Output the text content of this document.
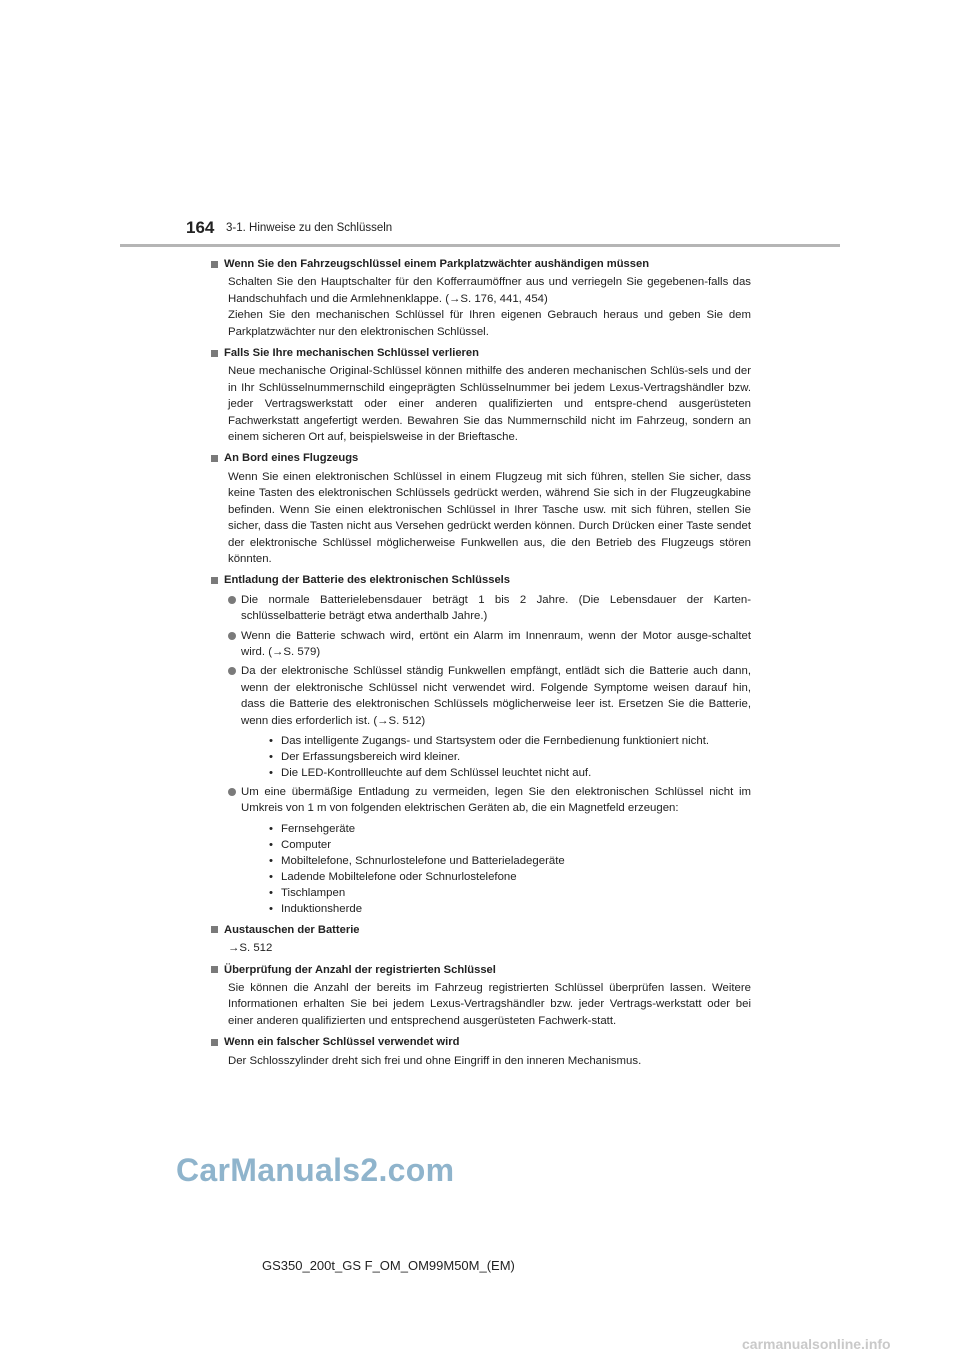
164 3-1. Hinweise zu den Schlüsseln
Wenn Sie den Fahrzeugschlüssel einem Parkplatzwächter aushändigen müssen

Schalten Sie den Hauptschalter für den Kofferraumöffner aus und verriegeln Sie gegebenen-falls das Handschuhfach und die Armlehnenklappe. (→S. 176, 441, 454)

Ziehen Sie den mechanischen Schlüssel für Ihren eigenen Gebrauch heraus und geben Sie dem Parkplatzwächter nur den elektronischen Schlüssel.

Falls Sie Ihre mechanischen Schlüssel verlieren

Neue mechanische Original-Schlüssel können mithilfe des anderen mechanischen Schlüs-sels und der in Ihr Schlüsselnummernschild eingeprägten Schlüsselnummer bei jedem Lexus-Vertragshändler bzw. jeder Vertragswerkstatt oder einer anderen qualifizierten und entspre-chend ausgerüsteten Fachwerkstatt angefertigt werden. Bewahren Sie das Nummernschild nicht im Fahrzeug, sondern an einem sicheren Ort auf, beispielsweise in der Brieftasche.

An Bord eines Flugzeugs

Wenn Sie einen elektronischen Schlüssel in einem Flugzeug mit sich führen, stellen Sie sicher, dass keine Tasten des elektronischen Schlüssels gedrückt werden, während Sie sich in der Flugzeugkabine befinden. Wenn Sie einen elektronischen Schlüssel in Ihrer Tasche usw. mit sich führen, stellen Sie sicher, dass die Tasten nicht aus Versehen gedrückt werden können. Durch Drücken einer Taste sendet der elektronische Schlüssel möglicherweise Funkwellen aus, die den Betrieb des Flugzeugs stören könnten.

Entladung der Batterie des elektronischen Schlüssels
Die normale Batterielebensdauer beträgt 1 bis 2 Jahre. (Die Lebensdauer der Karten-schlüsselbatterie beträgt etwa anderthalb Jahre.)
Wenn die Batterie schwach wird, ertönt ein Alarm im Innenraum, wenn der Motor ausge-schaltet wird. (→S. 579)
Da der elektronische Schlüssel ständig Funkwellen empfängt, entlädt sich die Batterie auch dann, wenn der elektronische Schlüssel nicht verwendet wird. Folgende Symptome weisen darauf hin, dass die Batterie des elektronischen Schlüssels möglicherweise leer ist. Ersetzen Sie die Batterie, wenn dies erforderlich ist. (→S. 512)
• Das intelligente Zugangs- und Startsystem oder die Fernbedienung funktioniert nicht.
• Der Erfassungsbereich wird kleiner.
• Die LED-Kontrollleuchte auf dem Schlüssel leuchtet nicht auf.
Um eine übermäßige Entladung zu vermeiden, legen Sie den elektronischen Schlüssel nicht im Umkreis von 1 m von folgenden elektrischen Geräten ab, die ein Magnetfeld erzeugen:
• Fernsehgeräte
• Computer
• Mobiltelefone, Schnurlostelefone und Batterieladegeräte
• Ladende Mobiltelefone oder Schnurlostelefone
• Tischlampen
• Induktionsherde
Austauschen der Batterie

→S. 512

Überprüfung der Anzahl der registrierten Schlüssel

Sie können die Anzahl der bereits im Fahrzeug registrierten Schlüssel überprüfen lassen. Weitere Informationen erhalten Sie bei jedem Lexus-Vertragshändler bzw. jeder Vertrags-werkstatt oder bei einer anderen qualifizierten und entsprechend ausgerüsteten Fachwerk-statt.

Wenn ein falscher Schlüssel verwendet wird

Der Schlosszylinder dreht sich frei und ohne Eingriff in den inneren Mechanismus.

CarManuals2.com
GS350_200t_GS F_OM_OM99M50M_(EM)
carmanualsonline.info
